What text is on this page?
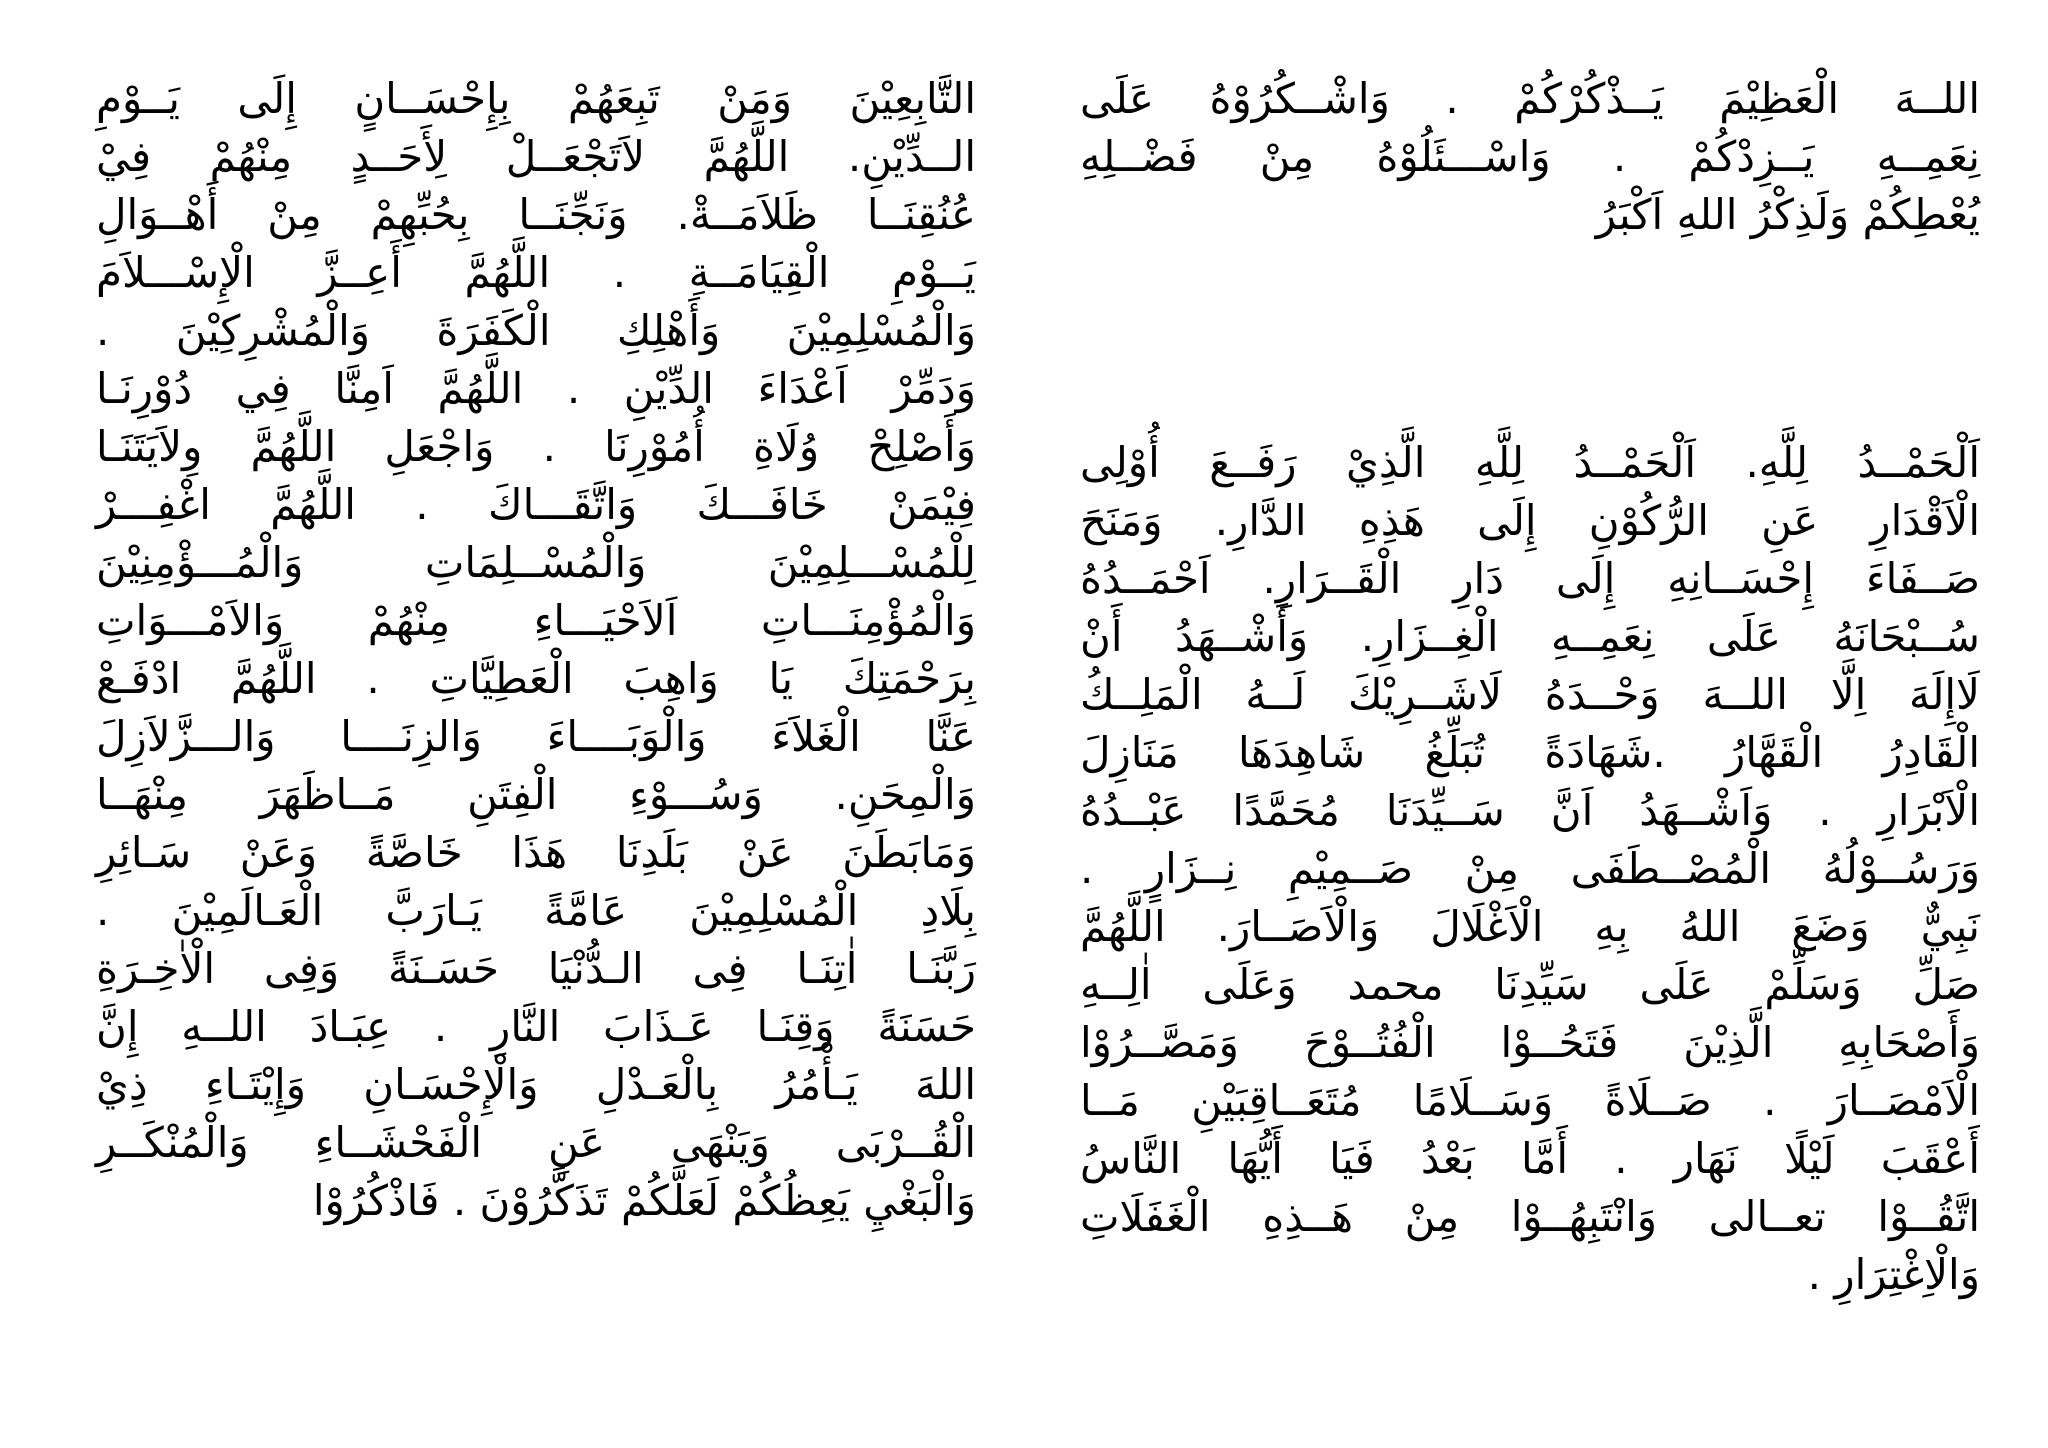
التَّابِعِيْنَ وَمَنْ تَبِعَهُمْ بِإِحْسَــانٍ إِلَى يَــوْمِ
الــدِّيْنِ. اللَّهُمَّ لاَتَجْعَــلْ لِأَحَــدٍ مِنْهُمْ فِيْ
عُنُقِنَــا ظَلاَمَــةْ. وَنَجِّنَــا بِحُبِّهِمْ مِنْ أَهْــوَالِ
يَــوْمِ الْقِيَامَــةِ . اللَّهُمَّ أَعِــزَّ الْإِسْـــلاَمَ
وَالْمُسْلِمِيْنَ وَأَهْلِكِ الْكَفَرَةَ وَالْمُشْرِكِيْنَ .
وَدَمِّرْ اَعْدَاءَ الدِّيْنِ . اللَّهُمَّ اَمِنَّا فِي دُوْرِنَـا
وَأَصْلِحْ وُلَاةِ أُمُوْرِنَا . وَاجْعَلِ اللَّهُمَّ وِلاَيَتَنَـا
فِيْمَنْ خَافَـــكَ وَاتَّقَـــاكَ . اللَّهُمَّ اغْفِـــرْ
لِلْمُسْـــلِمِيْنَ وَالْمُسْــلِمَاتِ وَالْمُـــؤْمِنِيْنَ
وَالْمُؤْمِنَـــاتِ اَلاَحْيَـــاءِ مِنْهُمْ وَالاَمْـــوَاتِ
بِرَحْمَتِكَ يَا وَاهِبَ الْعَطِيَّاتِ . اللَّهُمَّ ادْفَـعْ
عَنَّا الْغَلاَءَ وَالْوَبَــــاءَ وَالزِنَــــا وَالـــزَّلاَزِلَ
وَالْمِحَنِ. وَسُـــوْءِ الْفِتَنِ مَــاظَهَرَ مِنْهَــا
وَمَابَطَنَ عَنْ بَلَدِنَا هَذَا خَاصَّةً وَعَنْ سَـائِرِ
بِلَادِ الْمُسْلِمِيْنَ عَامَّةً يَـارَبَّ الْعَـالَمِيْنَ .
رَبَّنَـا اٰتِنَـا فِى الـدُّنْيَا حَسَـنَةً وَفِى الْاٰخِـرَةِ
حَسَنَةً وَقِنَـا عَـذَابَ النَّارِ . عِبَـادَ اللــهِ إِنَّ
اللهَ يَـأْمُرُ بِالْعَـدْلِ وَالْإِحْسَـانِ وَإِيْتَـاءِ ذِيْ
الْقُــرْبَى وَيَنْهَى عَنِ الْفَحْشَــاءِ وَالْمُنْكَــرِ
وَالْبَغْيِ يَعِظُكُمْ لَعَلَّكُمْ تَذَكَّرُوْنَ . فَاذْكُرُوْا
اللــهَ الْعَظِيْمَ يَــذْكُرْكُمْ . وَاشْــكُرُوْهُ عَلَى
نِعَمِــهِ يَــزِدْكُمْ . وَاسْـــئَلُوْهُ مِنْ فَضْــلِهِ
يُعْطِكُمْ وَلَذِكْرُ اللهِ اَكْبَرُ
اَلْحَمْــدُ لِلَّهِ. اَلْحَمْــدُ لِلَّهِ الَّذِيْ رَفَــعَ أُوْلِى
الْاَقْدَارِ عَنِ الرُّكُوْنِ إِلَى هَذِهِ الدَّارِ. وَمَنَحَ
صَــفَاءَ إِحْسَــانِهِ إِلَى دَارِ الْقَــرَارِ. اَحْمَــدُهُ
سُــبْحَانَهُ عَلَى نِعَمِــهِ الْغِــزَارِ. وَأَشْــهَدُ أَنْ
لَاإِلَهَ اِلَّا اللــهَ وَحْــدَهُ لَاشَــرِيْكَ لَــهُ الْمَلِــكُ
الْقَادِرُ الْقَهَّارُ .شَهَادَةً تُبَلِّغُ شَاهِدَهَا مَنَازِلَ
الْاَبْرَارِ . وَاَشْــهَدُ اَنَّ سَــيِّدَنَا مُحَمَّدًا عَبْــدُهُ
وَرَسُــوْلُهُ الْمُصْــطَفَى مِنْ صَــمِيْمِ نِــزَارٍ .
نَبِيٌّ وَضَعَ اللهُ بِهِ الْاَغْلَالَ وَالْاَصَــارَ. اللَّهُمَّ
صَلِّ وَسَلِّمْ عَلَى سَيِّدِنَا محمد وَعَلَى اٰلِــهِ
وَأَصْحَابِهِ الَّذِيْنَ فَتَحُــوْا الْفُتُــوْحَ وَمَصَّــرُوْا
الْاَمْصَــارَ . صَــلَاةً وَسَــلَامًا مُتَعَــاقِبَيْنِ مَــا
أَعْقَبَ لَيْلًا نَهَار . أَمَّا بَعْدُ فَيَا أَيُّهَا النَّاسُ
اتَّقُــوْا تعــالى وَانْتَبِهُــوْا مِنْ هَــذِهِ الْغَفَلَاتِ
وَالْاِغْتِرَارِ .
